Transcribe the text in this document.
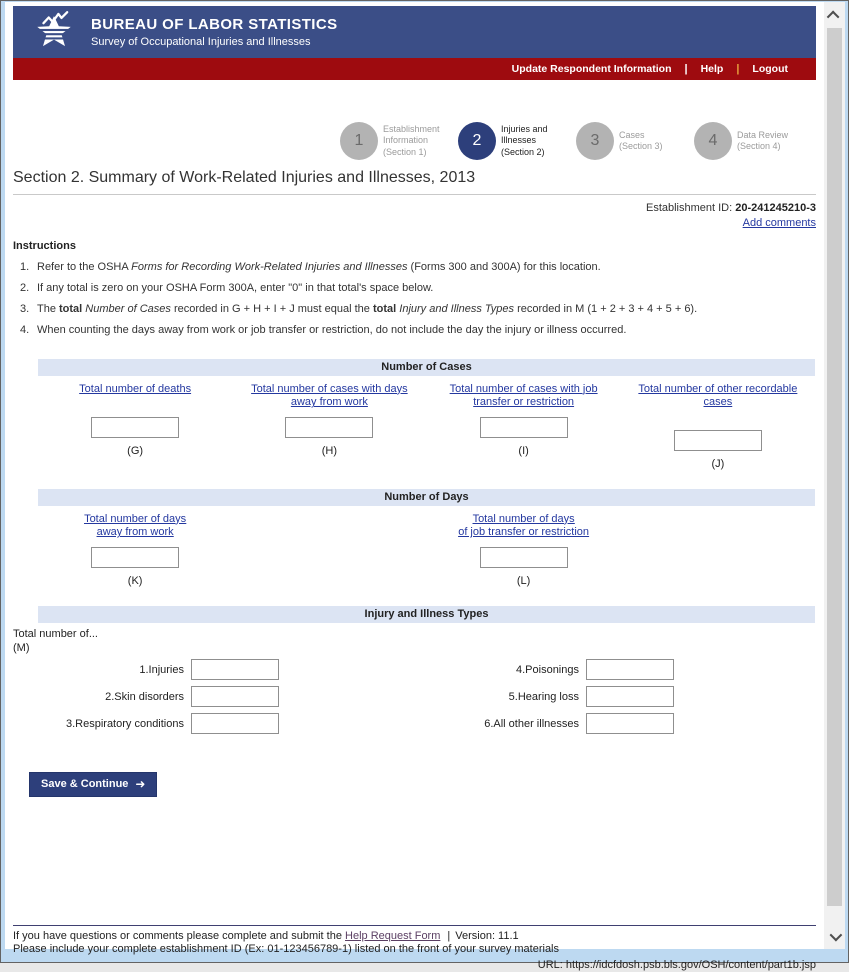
BUREAU OF LABOR STATISTICS
Survey of Occupational Injuries and Illnesses
Update Respondent Information | Help | Logout
1
Establishment Information
(Section 1)
2
Injuries and Illnesses
(Section 2)
3	Cases
(Section 3)	4	Data Review
(Section 4)
Section 2. Summary of Work-Related Injuries and Illnesses, 2013
Establishment ID: 20-241245210-3
Add comments
Instructions
1. Refer to the OSHA Forms for Recording Work-Related Injuries and Illnesses (Forms 300 and 300A) for this location.
2. If any total is zero on your OSHA Form 300A, enter "0" in that total's space below.
3. The total Number of Cases recorded in G + H + I + J must equal the total Injury and Illness Types recorded in M (1 + 2 + 3 + 4 + 5 + 6).
4. When counting the days away from work or job transfer or restriction, do not include the day the injury or illness occurred.
Number of Cases
Total number of deaths
(G)
Total number of cases with days away from work
(H)
Total number of cases with job transfer or restriction
(I)
Total number of other recordable cases
(J)
Number of Days
Total number of days
away from work
(K)
Total number of days
of job transfer or restriction
(L)
Injury and Illness Types
Total number of...
(M)
1.Injuries	4.Poisonings
2.Skin disorders	5.Hearing loss
3.Respiratory conditions	6.All other illnesses
Save & Continue ➜
If you have questions or comments please complete and submit the Help Request Form | Version: 11.1
Please include your complete establishment ID (Ex: 01-123456789-1) listed on the front of your survey materials
URL: https://idcfdosh.psb.bls.gov/OSH/content/part1b.jsp
